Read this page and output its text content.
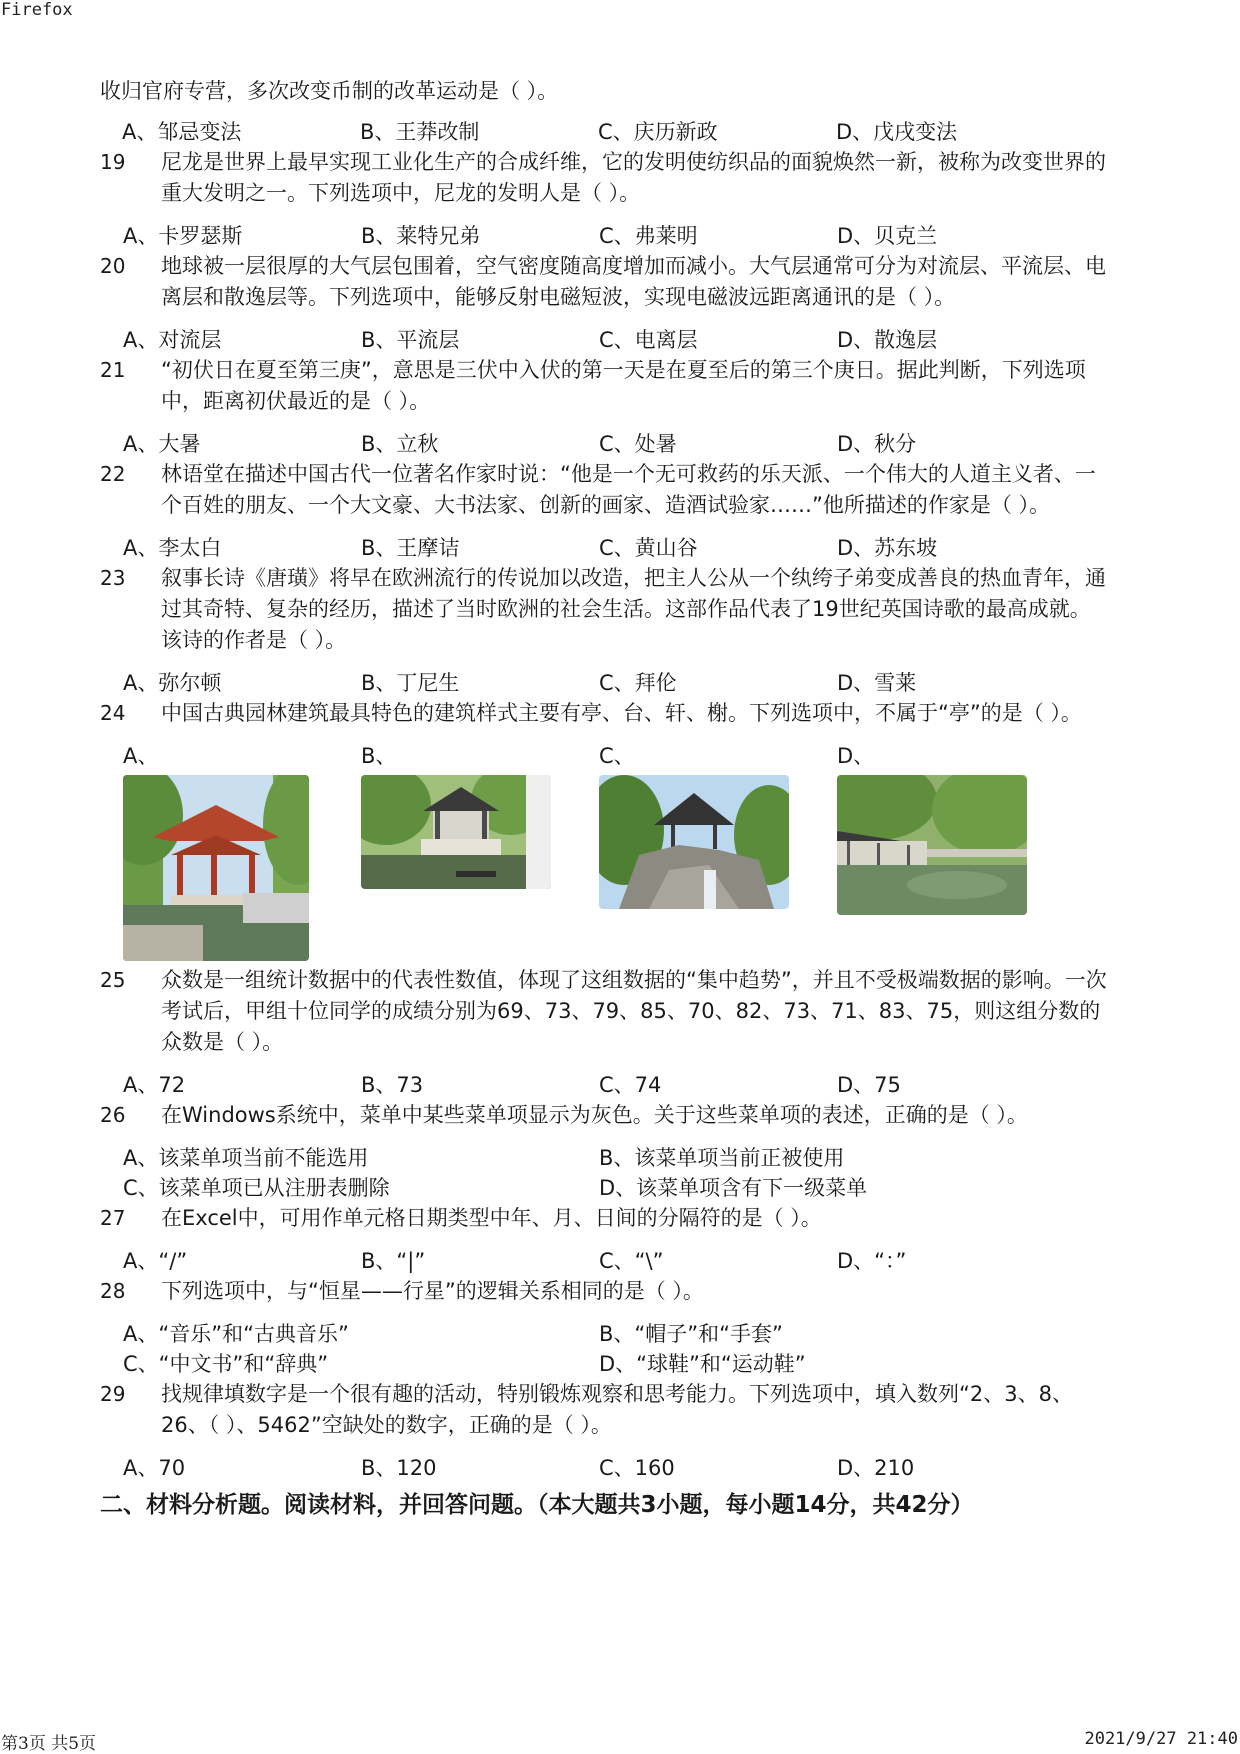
Firefox

收归官府专营，多次改变币制的改革运动是（ ）。

A、邹忌变法	B、王莽改制	C、庆历新政	D、戊戌变法
19 尼龙是世界上最早实现工业化生产的合成纤维，它的发明使纺织品的面貌焕然一新，被称为改变世界的重大发明之一。下列选项中，尼龙的发明人是（ ）。

A、卡罗瑟斯	B、莱特兄弟	C、弗莱明	D、贝克兰
20 地球被一层很厚的大气层包围着，空气密度随高度增加而减小。大气层通常可分为对流层、平流层、电离层和散逸层等。下列选项中，能够反射电磁短波，实现电磁波远距离通讯的是（ ）。

A、对流层	B、平流层	C、电离层	D、散逸层
21 “初伏日在夏至第三庚”，意思是三伏中入伏的第一天是在夏至后的第三个庚日。据此判断，下列选项中，距离初伏最近的是（ ）。

A、大暑	B、立秋	C、处暑	D、秋分
22 林语堂在描述中国古代一位著名作家时说：“他是一个无可救药的乐天派、一个伟大的人道主义者、一个百姓的朋友、一个大文豪、大书法家、创新的画家、造酒试验家……”他所描述的作家是（ ）。

A、李太白	B、王摩诘	C、黄山谷	D、苏东坡
23 叙事长诗《唐璜》将早在欧洲流行的传说加以改造，把主人公从一个纨绔子弟变成善良的热血青年，通过其奇特、复杂的经历，描述了当时欧洲的社会生活。这部作品代表了19世纪英国诗歌的最高成就。该诗的作者是（ ）。

A、弥尔顿	B、丁尼生	C、拜伦	D、雪莱
24 中国古典园林建筑最具特色的建筑样式主要有亭、台、轩、榭。下列选项中，不属于“亭”的是（ ）。

A、	B、	C、	D、
25 众数是一组统计数据中的代表性数值，体现了这组数据的“集中趋势”，并且不受极端数据的影响。一次考试后，甲组十位同学的成绩分别为69、73、79、85、70、82、73、71、83、75，则这组分数的众数是（ ）。

A、72	B、73	C、74	D、75
26 在Windows系统中，菜单中某些菜单项显示为灰色。关于这些菜单项的表述，正确的是（ ）。

A、该菜单项当前不能选用	B、该菜单项当前正被使用
C、该菜单项已从注册表删除	D、该菜单项含有下一级菜单
27 在Excel中，可用作单元格日期类型中年、月、日间的分隔符的是（ ）。

A、“/”	B、“|”	C、“\”	D、“：”
28 下列选项中，与“恒星——行星”的逻辑关系相同的是（ ）。

A、“音乐”和“古典音乐”	B、“帽子”和“手套”
C、“中文书”和“辞典”	D、“球鞋”和“运动鞋”
29 找规律填数字是一个很有趣的活动，特别锻炼观察和思考能力。下列选项中，填入数列“2、3、8、26、（ ）、5462”空缺处的数字，正确的是（ ）。

A、70	B、120	C、160	D、210
二、材料分析题。阅读材料，并回答问题。（本大题共3小题，每小题14分，共42分）
第3页 共5页	2021/9/27 21:40
